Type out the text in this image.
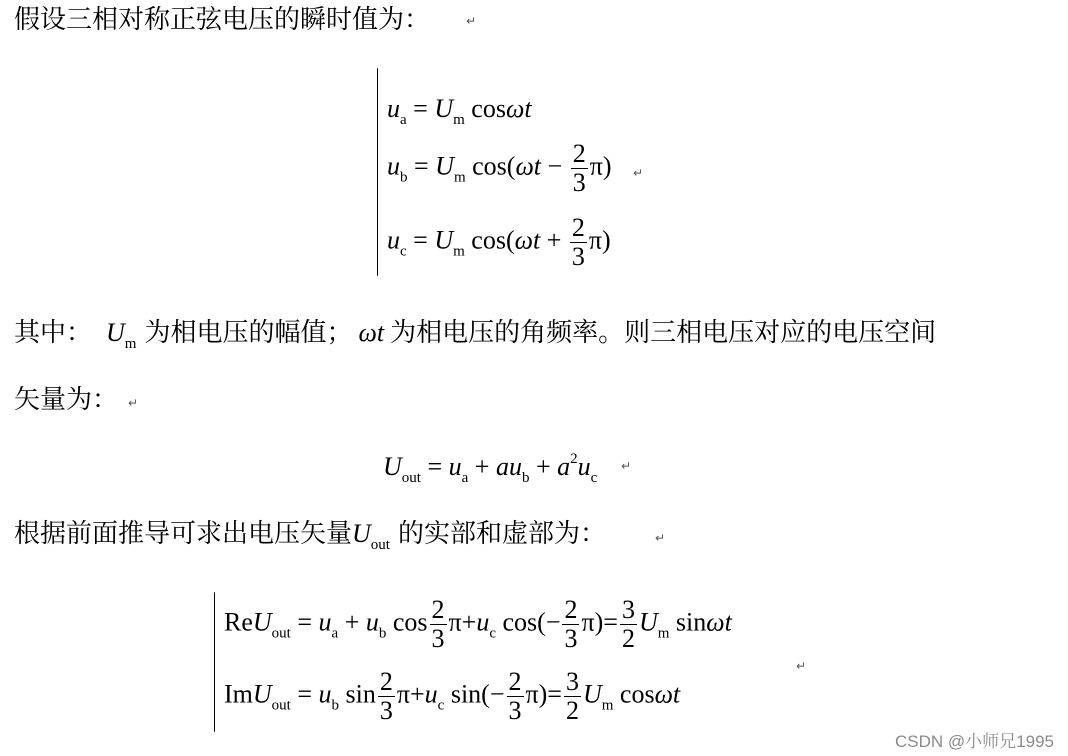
假设三相对称正弦电压的瞬时值为：	↵
$u_a = U_m$ cosωt
$u_b = U_m$ $\cos(\omega t - \frac{2}{3} \pi)$ ↵
$u_c = U_m$ $\cos(\omega t + \frac{2}{3} \pi)$
其中： $U_m$ 为相电压的幅值； ωt 为相电压的角频率。则三相电压对应的电压空间
矢量为： ↵
$U_{out} = u_a + au_b + a^2u_c$
↵
根据前面推导可求出电压矢量$U_{out}$ 的实部和虚部为：	↵
$ReU_{out} = u_a + u_b$ $\cos \frac{2}{3} \pi+u_c$ $\cos(- \frac{2}{3} \pi)= \frac{3}{2} U_m$ sinωt
↵
$ImU_{out} = u_b$ $\sin \frac{2}{3} \pi+u_c$ $\sin(- \frac{2}{3} \pi)= \frac{3}{2} U_m$ cosωt
CSDN @小师兄1995
